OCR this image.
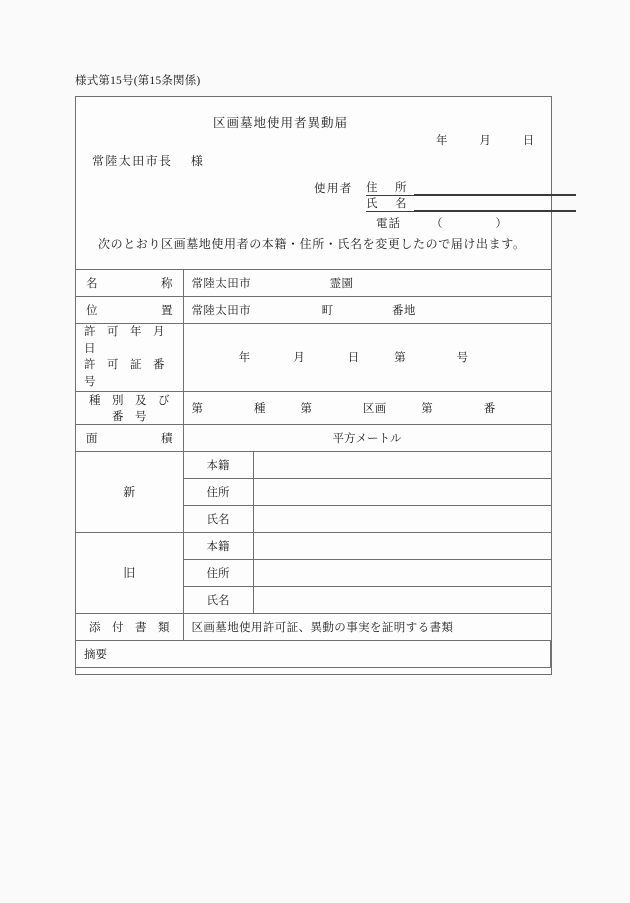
様式第15号(第15条関係)
区画墓地使用者異動届
年	月	日
常陸太田市長 様
使用者	住　所
氏　名
電話	（　　）
次のとおり区画墓地使用者の本籍・住所・氏名を変更したので届け出ます。
名 称	常陸太田市 霊園	

位 置	常陸太田市 町 番地	

許　可　年　月　日
許　可　証　番　号	年 月 日 第 号	
種　別　及　び　番　号	第 種 第 区画 第 番	

面 積	平方メートル	
新	本籍	
	住所	
	氏名	
旧	本籍	
	住所	
	氏名	
添　付　書　類	区画墓地使用許可証、異動の事実を証明する書類	
摘要		
